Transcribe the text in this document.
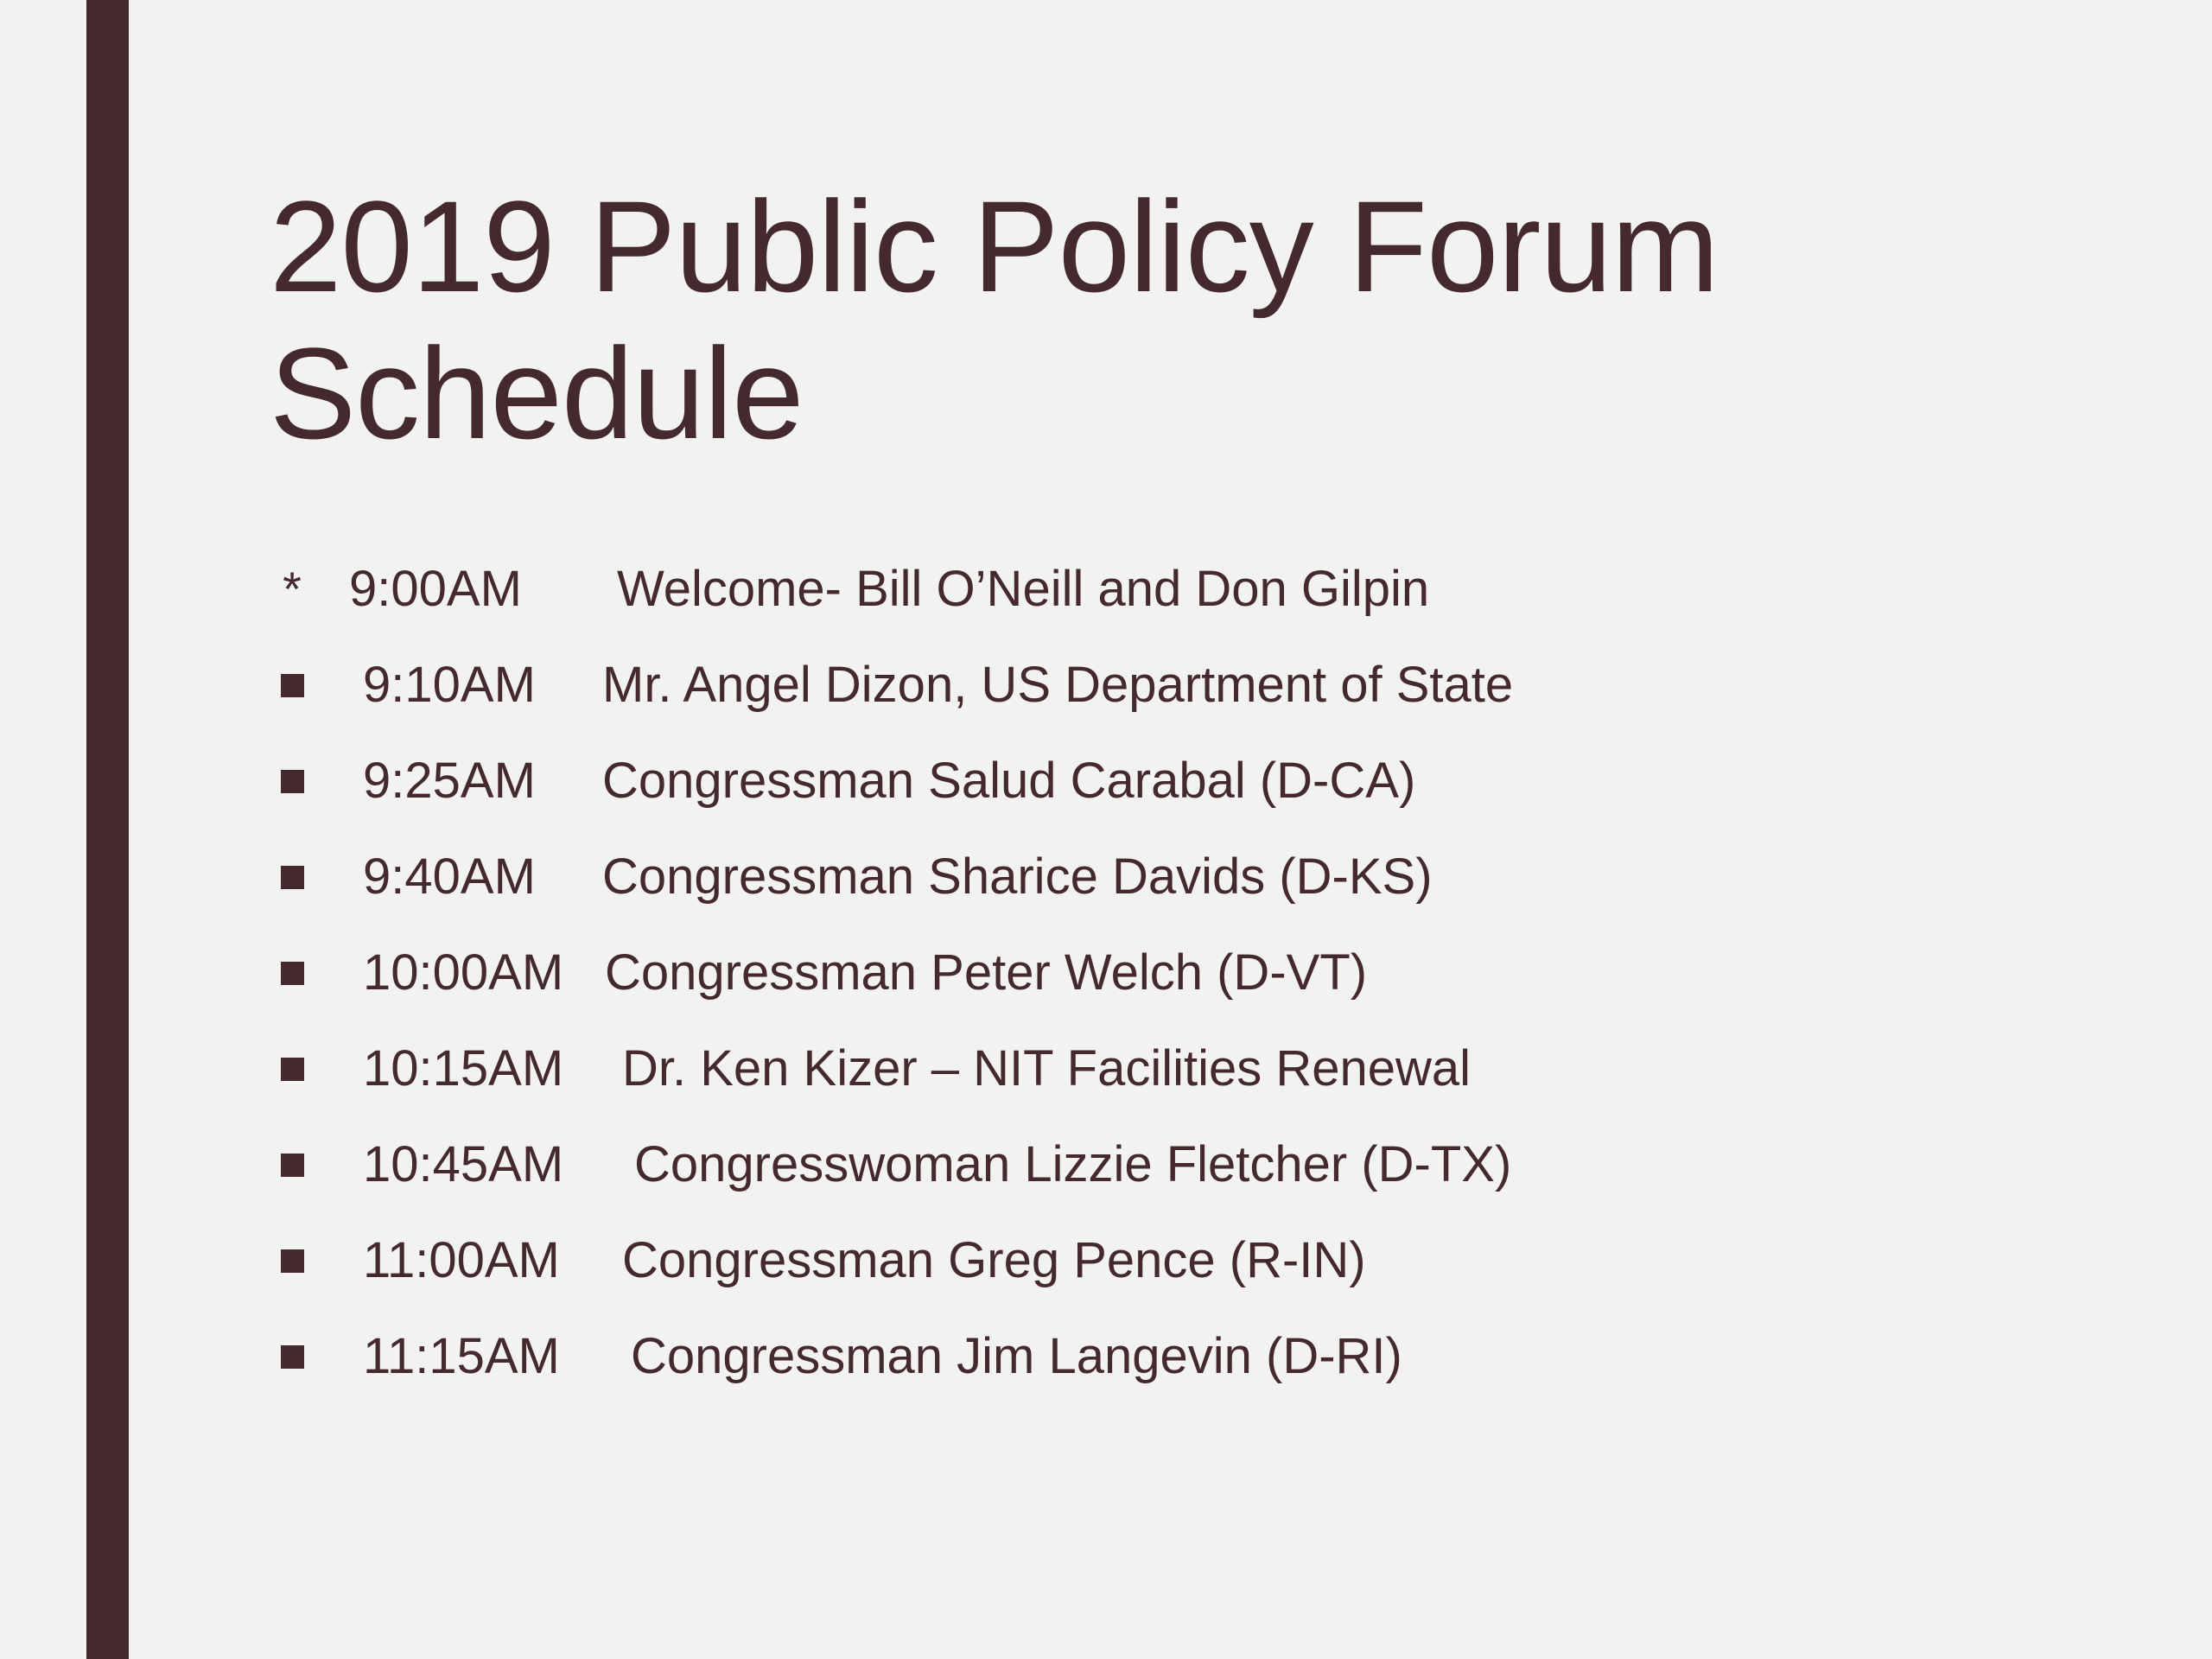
2019 Public Policy Forum
Schedule
* 9:00AM Welcome- Bill O’Neill and Don Gilpin
9:10AM Mr. Angel Dizon, US Department of State
9:25AM Congressman Salud Carabal (D-CA)
9:40AM Congressman Sharice Davids (D-KS)
10:00AM Congressman Peter Welch (D-VT)
10:15AM Dr. Ken Kizer – NIT Facilities Renewal
10:45AM Congresswoman Lizzie Fletcher (D-TX)
11:00AM Congressman Greg Pence (R-IN)
11:15AM Congressman Jim Langevin (D-RI)
